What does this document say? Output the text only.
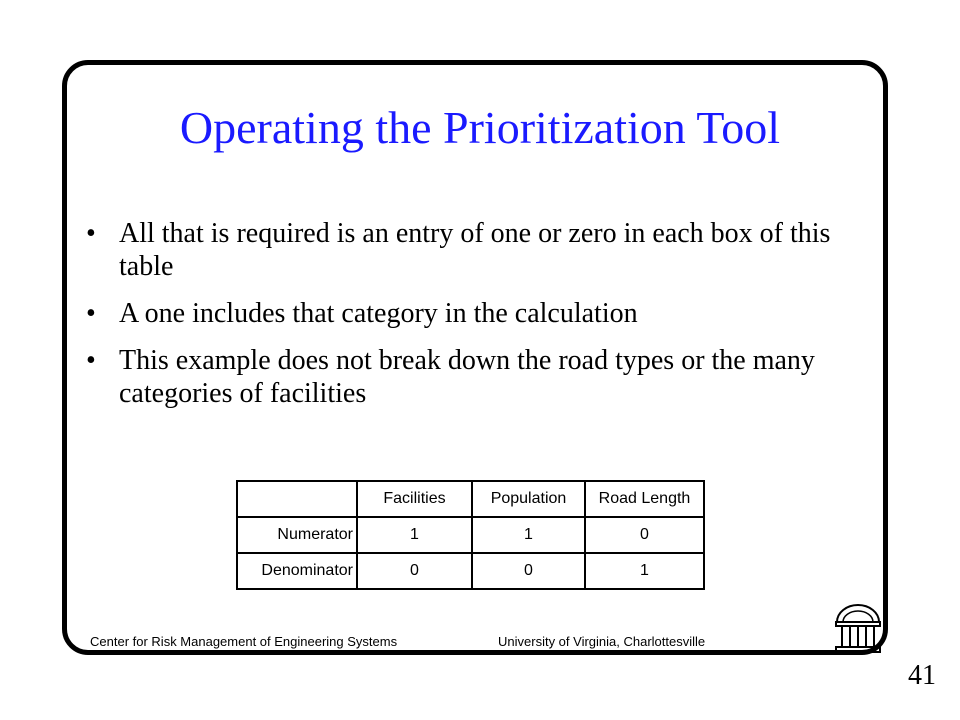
Operating the Prioritization Tool
• All that is required is an entry of one or zero in each box of this table
• A one includes that category in the calculation
• This example does not break down the road types or the many categories of facilities
	Facilities	Population	Road Length
Numerator	1	1	0
Denominator	0	0	1
Center for Risk Management of Engineering Systems	University of Virginia, Charlottesville
41
